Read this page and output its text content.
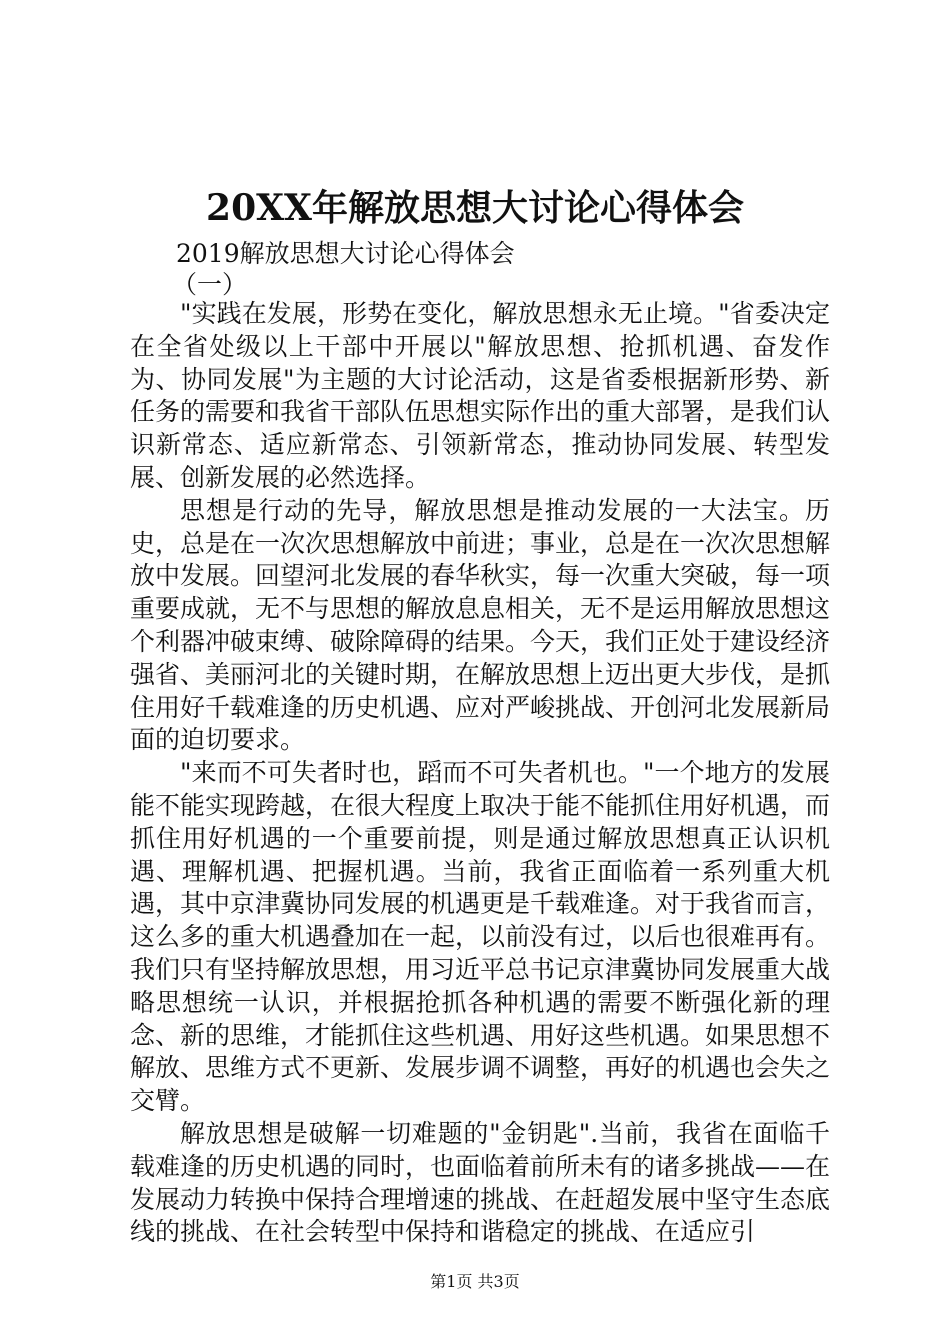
20XX年解放思想大讨论心得体会
2019解放思想大讨论心得体会
（一）

"实践在发展，形势在变化，解放思想永无止境。"省委决定在全省处级以上干部中开展以"解放思想、抢抓机遇、奋发作为、协同发展"为主题的大讨论活动，这是省委根据新形势、新任务的需要和我省干部队伍思想实际作出的重大部署，是我们认识新常态、适应新常态、引领新常态，推动协同发展、转型发展、创新发展的必然选择。

思想是行动的先导，解放思想是推动发展的一大法宝。历史，总是在一次次思想解放中前进；事业，总是在一次次思想解放中发展。回望河北发展的春华秋实，每一次重大突破，每一项重要成就，无不与思想的解放息息相关，无不是运用解放思想这个利器冲破束缚、破除障碍的结果。今天，我们正处于建设经济强省、美丽河北的关键时期，在解放思想上迈出更大步伐，是抓住用好千载难逢的历史机遇、应对严峻挑战、开创河北发展新局面的迫切要求。

"来而不可失者时也，蹈而不可失者机也。"一个地方的发展能不能实现跨越，在很大程度上取决于能不能抓住用好机遇，而抓住用好机遇的一个重要前提，则是通过解放思想真正认识机遇、理解机遇、把握机遇。当前，我省正面临着一系列重大机遇，其中京津冀协同发展的机遇更是千载难逢。对于我省而言，这么多的重大机遇叠加在一起，以前没有过，以后也很难再有。我们只有坚持解放思想，用习近平总书记京津冀协同发展重大战略思想统一认识，并根据抢抓各种机遇的需要不断强化新的理念、新的思维，才能抓住这些机遇、用好这些机遇。如果思想不解放、思维方式不更新、发展步调不调整，再好的机遇也会失之交臂。

解放思想是破解一切难题的"金钥匙".当前，我省在面临千载难逢的历史机遇的同时，也面临着前所未有的诸多挑战——在发展动力转换中保持合理增速的挑战、在赶超发展中坚守生态底线的挑战、在社会转型中保持和谐稳定的挑战、在适应引

第1页 共3页
